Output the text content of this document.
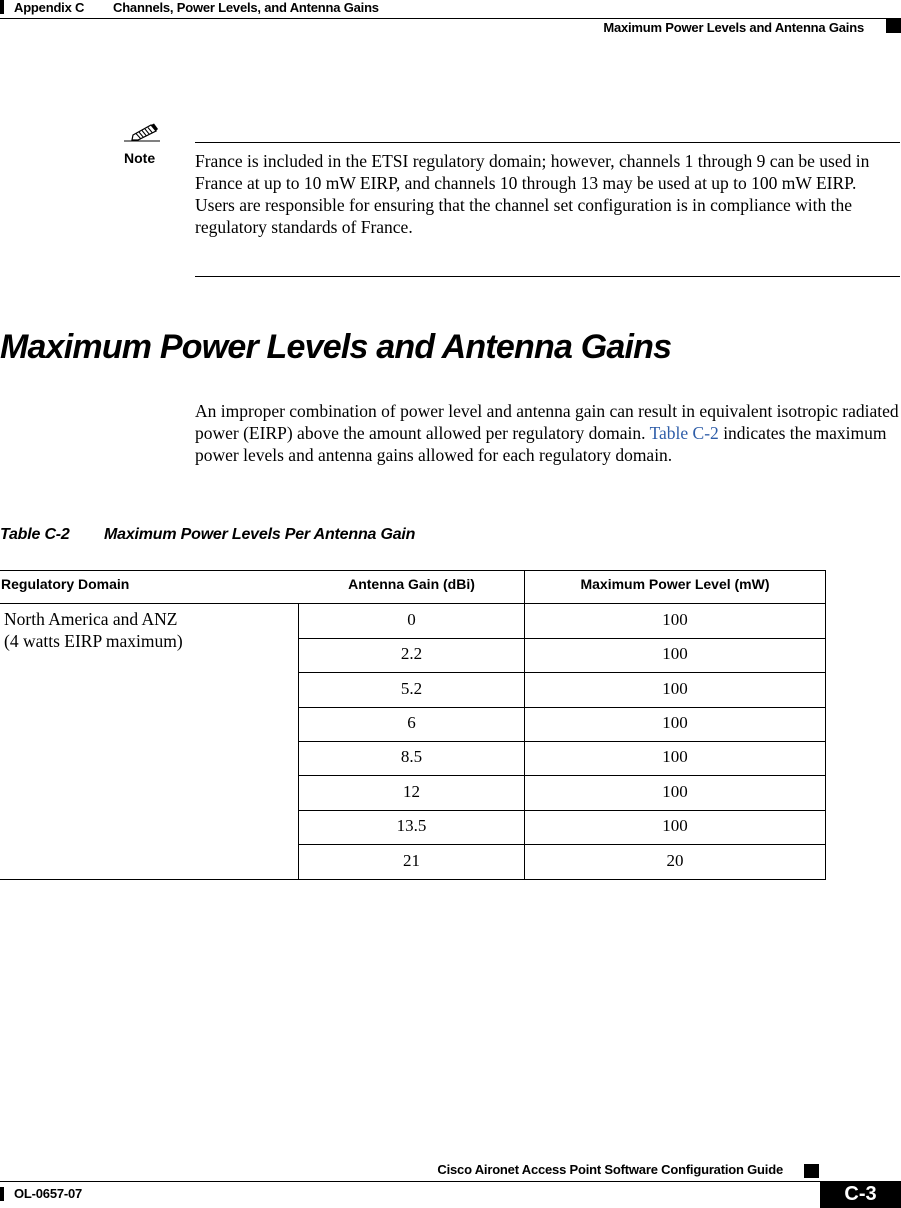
Appendix C Channels, Power Levels, and Antenna Gains
Maximum Power Levels and Antenna Gains
Note France is included in the ETSI regulatory domain; however, channels 1 through 9 can be used in France at up to 10 mW EIRP, and channels 10 through 13 may be used at up to 100 mW EIRP. Users are responsible for ensuring that the channel set configuration is in compliance with the regulatory standards of France.
Maximum Power Levels and Antenna Gains
An improper combination of power level and antenna gain can result in equivalent isotropic radiated power (EIRP) above the amount allowed per regulatory domain. Table C-2 indicates the maximum power levels and antenna gains allowed for each regulatory domain.
Table C-2 Maximum Power Levels Per Antenna Gain
Regulatory Domain	Antenna Gain (dBi)	Maximum Power Level (mW)
North America and ANZ
(4 watts EIRP maximum)
0	100
2.2	100
5.2	100
6	100
8.5	100
12	100
13.5	100
21	20
Cisco Aironet Access Point Software Configuration Guide
OL-0657-07	C-3
